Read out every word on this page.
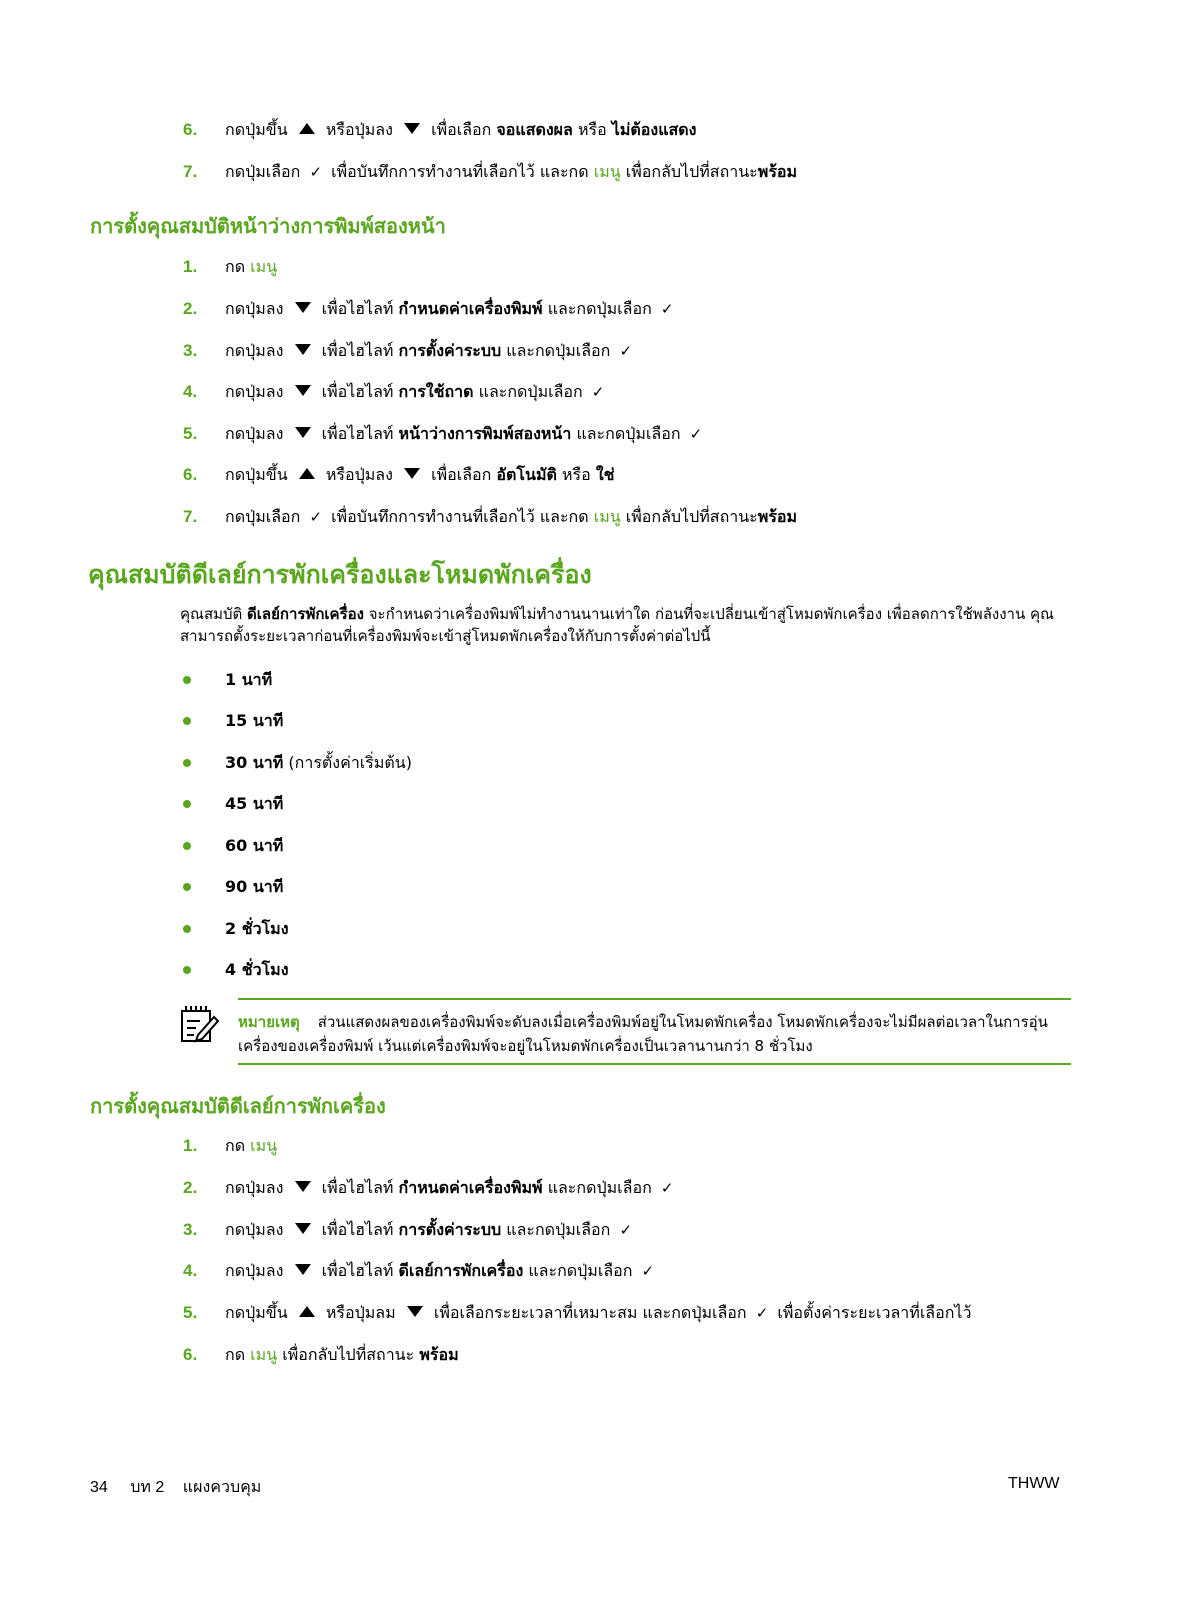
6. กดปุ่มขึ้น หรือปุ่มลง เพื่อเลือก จอแสดงผล หรือ ไม่ต้องแสดง
7. กดปุ่มเลือก ✓ เพื่อบันทึกการทำงานที่เลือกไว้ และกด เมนู เพื่อกลับไปที่สถานะพร้อม
การตั้งคุณสมบัติหน้าว่างการพิมพ์สองหน้า
1. กด เมนู
2. กดปุ่มลง เพื่อไฮไลท์ กำหนดค่าเครื่องพิมพ์ และกดปุ่มเลือก ✓
3. กดปุ่มลง เพื่อไฮไลท์ การตั้งค่าระบบ และกดปุ่มเลือก ✓
4. กดปุ่มลง เพื่อไฮไลท์ การใช้ถาด และกดปุ่มเลือก ✓
5. กดปุ่มลง เพื่อไฮไลท์ หน้าว่างการพิมพ์สองหน้า และกดปุ่มเลือก ✓
6. กดปุ่มขึ้น หรือปุ่มลง เพื่อเลือก อัตโนมัติ หรือ ใช่
7. กดปุ่มเลือก ✓ เพื่อบันทึกการทำงานที่เลือกไว้ และกด เมนู เพื่อกลับไปที่สถานะพร้อม
คุณสมบัติดีเลย์การพักเครื่องและโหมดพักเครื่อง
คุณสมบัติ ดีเลย์การพักเครื่อง จะกำหนดว่าเครื่องพิมพ์ไม่ทำงานนานเท่าใด ก่อนที่จะเปลี่ยนเข้าสู่โหมดพักเครื่อง เพื่อลดการใช้พลังงาน คุณสามารถตั้งระยะเวลาก่อนที่เครื่องพิมพ์จะเข้าสู่โหมดพักเครื่องให้กับการตั้งค่าต่อไปนี้
1 นาที
15 นาที
30 นาที (การตั้งค่าเริ่มต้น)
45 นาที
60 นาที
90 นาที
2 ชั่วโมง
4 ชั่วโมง
หมายเหตุ ส่วนแสดงผลของเครื่องพิมพ์จะดับลงเมื่อเครื่องพิมพ์อยู่ในโหมดพักเครื่อง โหมดพักเครื่องจะไม่มีผลต่อเวลาในการอุ่นเครื่องของเครื่องพิมพ์ เว้นแต่เครื่องพิมพ์จะอยู่ในโหมดพักเครื่องเป็นเวลานานกว่า 8 ชั่วโมง
การตั้งคุณสมบัติดีเลย์การพักเครื่อง
1. กด เมนู
2. กดปุ่มลง เพื่อไฮไลท์ กำหนดค่าเครื่องพิมพ์ และกดปุ่มเลือก ✓
3. กดปุ่มลง เพื่อไฮไลท์ การตั้งค่าระบบ และกดปุ่มเลือก ✓
4. กดปุ่มลง เพื่อไฮไลท์ ดีเลย์การพักเครื่อง และกดปุ่มเลือก ✓
5. กดปุ่มขึ้น หรือปุ่มลม เพื่อเลือกระยะเวลาที่เหมาะสม และกดปุ่มเลือก ✓ เพื่อตั้งค่าระยะเวลาที่เลือกไว้
6. กด เมนู เพื่อกลับไปที่สถานะ พร้อม
34 บท 2 แผงควบคุม	THWW
